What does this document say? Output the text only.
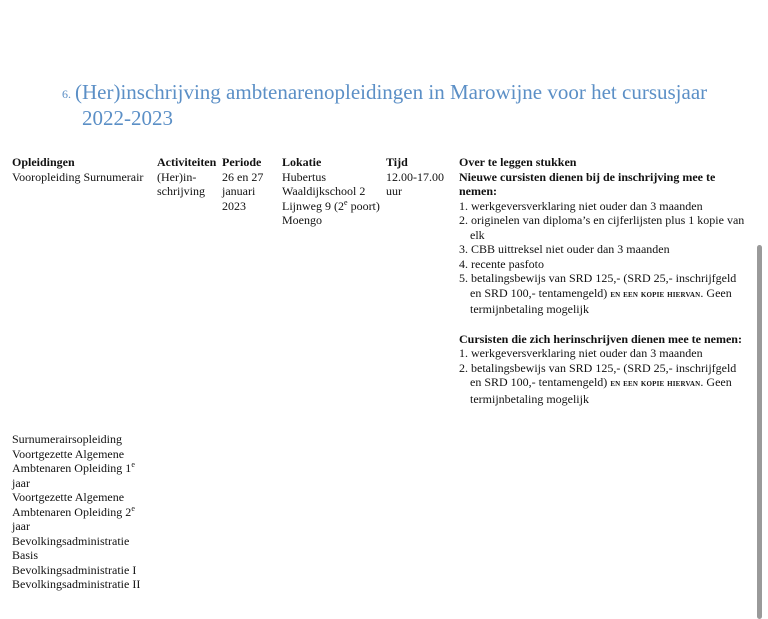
6. (Her)inschrijving ambtenarenopleidingen in Marowijne voor het cursusjaar
2022-2023
Opleidingen
Vooropleiding Surnumerair
Activiteiten
(Her)in-
schrijving
Periode
26 en 27
januari
2023
Lokatie
Hubertus
Waaldijkschool 2
Lijnweg 9 (2e poort)
Moengo
Tijd
12.00-17.00
uur
Over te leggen stukken
Nieuwe cursisten dienen bij de inschrijving mee te nemen:
1. werkgeversverklaring niet ouder dan 3 maanden
2. originelen van diploma’s en cijferlijsten plus 1 kopie van elk
3. CBB uittreksel niet ouder dan 3 maanden
4. recente pasfoto
5. betalingsbewijs van SRD 125,- (SRD 25,- inschrijfgeld en SRD 100,- tentamengeld) en een kopie hiervan. Geen termijnbetaling mogelijk
Cursisten die zich herinschrijven dienen mee te nemen:
1. werkgeversverklaring niet ouder dan 3 maanden
2. betalingsbewijs van SRD 125,- (SRD 25,- inschrijfgeld en SRD 100,- tentamengeld) en een kopie hiervan. Geen termijnbetaling mogelijk
Surnumerairsopleiding
Voortgezette Algemene Ambtenaren Opleiding 1e jaar
Voortgezette Algemene Ambtenaren Opleiding 2e jaar
Bevolkingsadministratie Basis
Bevolkingsadministratie I
Bevolkingsadministratie II
